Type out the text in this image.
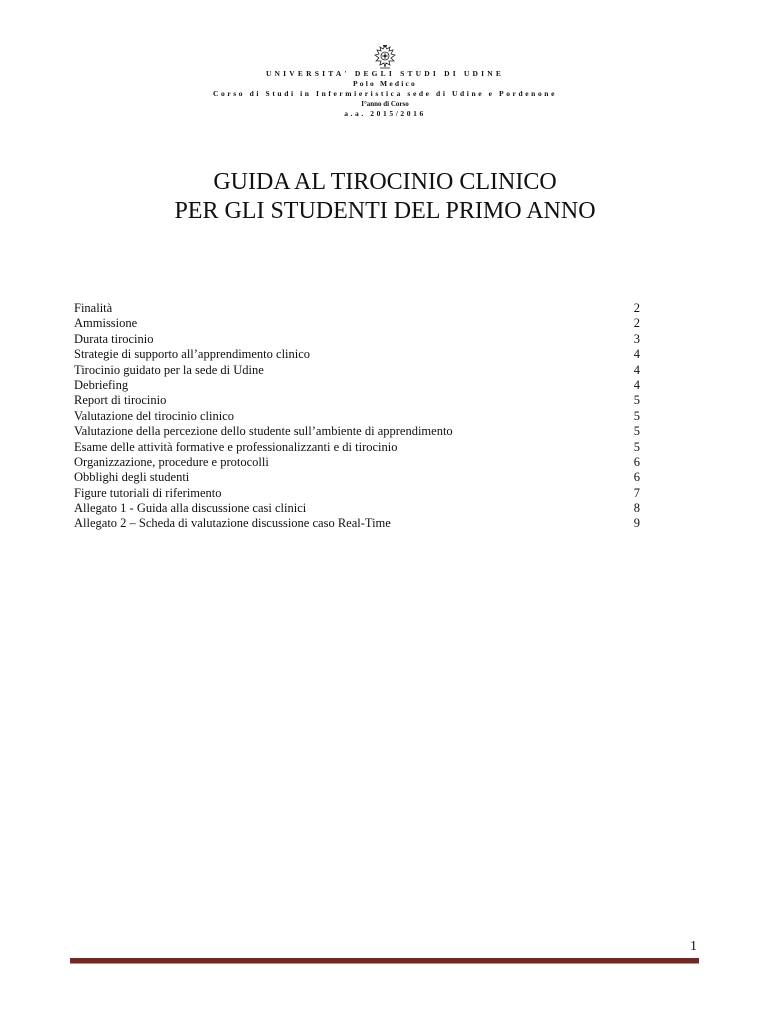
UNIVERSITA' DEGLI STUDI DI UDINE
Polo Medico
Corso di Studi in Infermieristica sede di Udine e Pordenone
I°anno di Corso
a.a. 2015/2016
GUIDA AL TIROCINIO CLINICO
PER GLI STUDENTI DEL PRIMO ANNO
Finalità	2
Ammissione	2
Durata tirocinio	3
Strategie di supporto all’apprendimento clinico	4
Tirocinio guidato per la sede di Udine	4
Debriefing	4
Report di tirocinio	5
Valutazione del tirocinio clinico	5
Valutazione della percezione dello studente sull’ambiente di apprendimento	5
Esame delle attività formative e professionalizzanti e di tirocinio	5
Organizzazione, procedure e protocolli	6
Obblighi degli studenti	6
Figure tutoriali di riferimento	7
Allegato 1 - Guida alla discussione casi clinici	8
Allegato 2 – Scheda di valutazione discussione caso Real-Time	9
1
